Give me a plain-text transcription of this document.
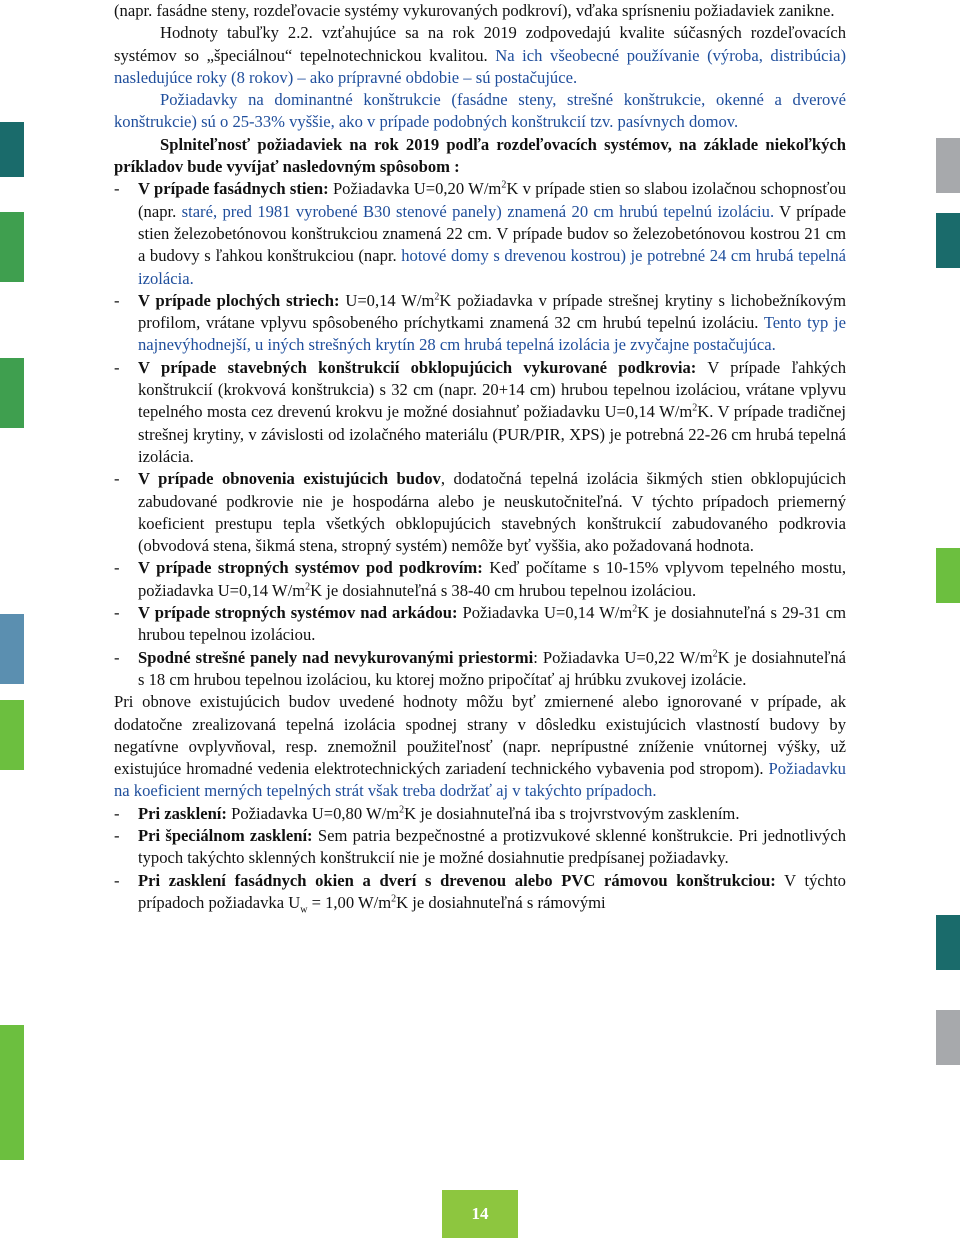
(napr. fasádne steny, rozdeľovacie systémy vykurovaných podkroví), vďaka sprísneniu požiadaviek zanikne.

Hodnoty tabuľky 2.2. vzťahujúce sa na rok 2019 zodpovedajú kvalite súčasných rozdeľovacích systémov so „špeciálnou“ tepelnotechnickou kvalitou. Na ich všeobecné používanie (výroba, distribúcia) nasledujúce roky (8 rokov) – ako prípravné obdobie – sú postačujúce.

Požiadavky na dominantné konštrukcie (fasádne steny, strešné konštrukcie, okenné a dverové konštrukcie) sú o 25-33% vyššie, ako v prípade podobných konštrukcií tzv. pasívnych domov.

Splniteľnosť požiadaviek na rok 2019 podľa rozdeľovacích systémov, na základe niekoľkých príkladov bude vyvíjať nasledovným spôsobom :

- V prípade fasádnych stien: Požiadavka U=0,20 $W/m^2K$ v prípade stien so slabou izolačnou schopnosťou (napr. staré, pred 1981 vyrobené B30 stenové panely) znamená 20 cm hrubú tepelnú izoláciu. V prípade stien železobetónovou konštrukciou znamená 22 cm. V prípade budov so železobetónovou kostrou 21 cm a budovy s ľahkou konštrukciou (napr. hotové domy s drevenou kostrou) je potrebné 24 cm hrubá tepelná izolácia.

- V prípade plochých striech: U=0,14 $W/m^2K$ požiadavka v prípade strešnej krytiny s lichobežníkovým profilom, vrátane vplyvu spôsobeného príchytkami znamená 32 cm hrubú tepelnú izoláciu. Tento typ je najnevýhodnejší, u iných strešných krytín 28 cm hrubá tepelná izolácia je zvyčajne postačujúca.

- V prípade stavebných konštrukcií obklopujúcich vykurované podkrovia: V prípade ľahkých konštrukcií (krokvová konštrukcia) s 32 cm (napr. 20+14 cm) hrubou tepelnou izoláciou, vrátane vplyvu tepelného mosta cez drevenú krokvu je možné dosiahnuť požiadavku U=0,14 $W/m^2K$. V prípade tradičnej strešnej krytiny, v závislosti od izolačného materiálu (PUR/PIR, XPS) je potrebná 22-26 cm hrubá tepelná izolácia.

- V prípade obnovenia existujúcich budov, dodatočná tepelná izolácia šikmých stien obklopujúcich zabudované podkrovie nie je hospodárna alebo je neuskutočniteľná. V týchto prípadoch priemerný koeficient prestupu tepla všetkých obklopujúcich stavebných konštrukcií zabudovaného podkrovia (obvodová stena, šikmá stena, stropný systém) nemôže byť vyššia, ako požadovaná hodnota.

- V prípade stropných systémov pod podkrovím: Keď počítame s 10-15% vplyvom tepelného mostu, požiadavka U=0,14 $W/m^2K$ je dosiahnuteľná s 38-40 cm hrubou tepelnou izoláciou.

- V prípade stropných systémov nad arkádou: Požiadavka U=0,14 $W/m^2K$ je dosiahnuteľná s 29-31 cm hrubou tepelnou izoláciou.

- Spodné strešné panely nad nevykurovanými priestormi: Požiadavka U=0,22 $W/m^2K$ je dosiahnuteľná s 18 cm hrubou tepelnou izoláciou, ku ktorej možno pripočítať aj hrúbku zvukovej izolácie.

Pri obnove existujúcich budov uvedené hodnoty môžu byť zmiernené alebo ignorované v prípade, ak dodatočne zrealizovaná tepelná izolácia spodnej strany v dôsledku existujúcich vlastností budovy by negatívne ovplyvňoval, resp. znemožnil použiteľnosť (napr. neprípustné zníženie vnútornej výšky, už existujúce hromadné vedenia elektrotechnických zariadení technického vybavenia pod stropom). Požiadavku na koeficient merných tepelných strát však treba dodržať aj v takýchto prípadoch.

- Pri zasklení: Požiadavka U=0,80 $W/m^2K$ je dosiahnuteľná iba s trojvrstvovým zasklením.

- Pri špeciálnom zasklení: Sem patria bezpečnostné a protizvukové sklenné konštrukcie. Pri jednotlivých typoch takýchto sklenných konštrukcií nie je možné dosiahnutie predpísanej požiadavky.

- Pri zasklení fasádnych okien a dverí s drevenou alebo PVC rámovou konštrukciou: V týchto prípadoch požiadavka $U_w = 1,00$ $W/m^2K$ je dosiahnuteľná s rámovými

14
